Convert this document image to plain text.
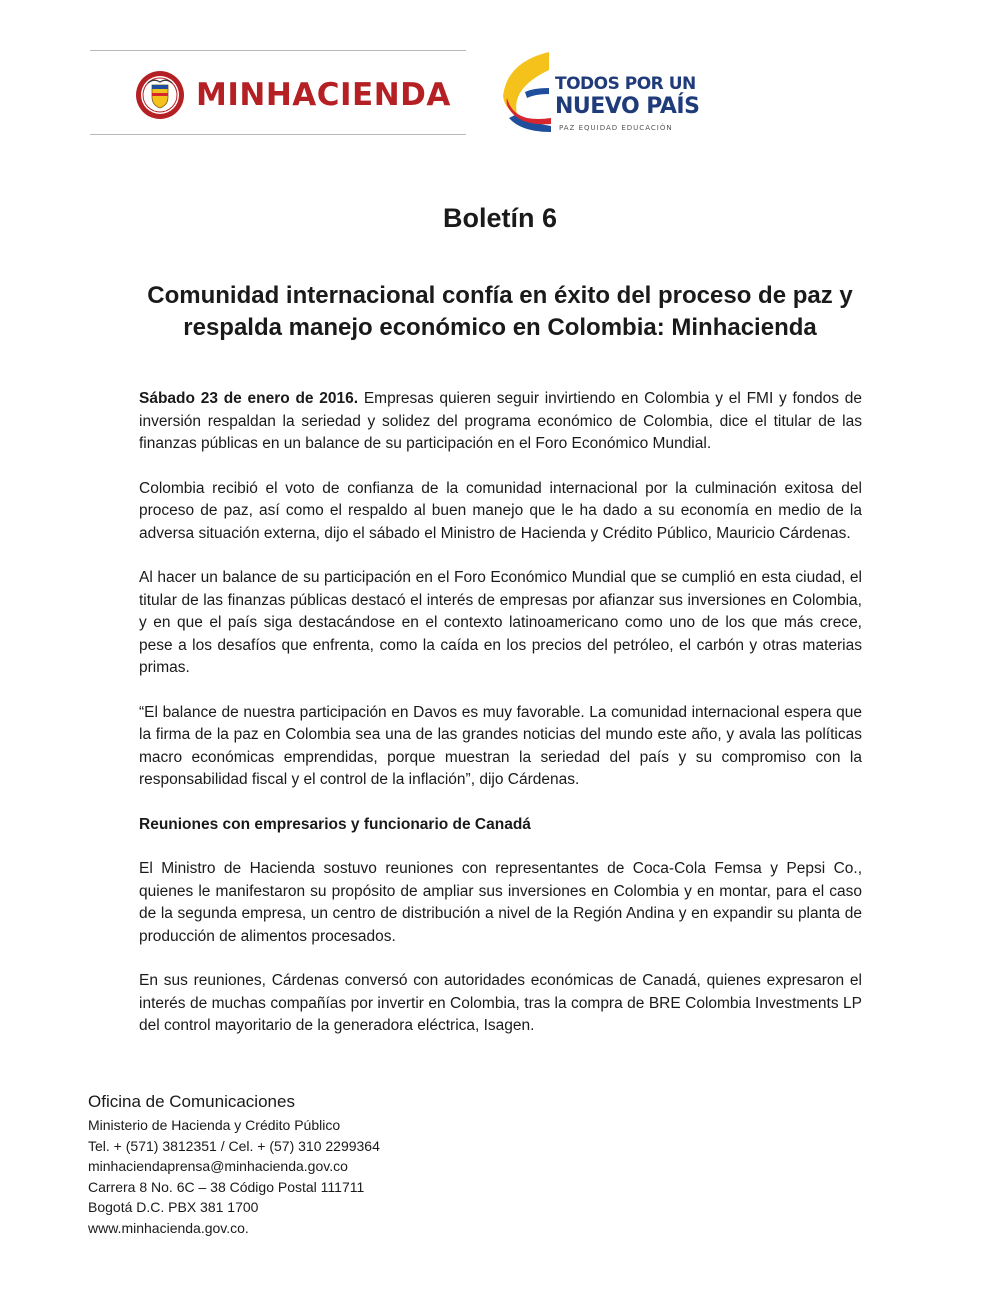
MINHACIENDA	TODOS POR UN
NUEVO PAÍS
PAZ EQUIDAD EDUCACIÓN
Boletín 6
Comunidad internacional confía en éxito del proceso de paz y respalda manejo económico en Colombia: Minhacienda

Sábado 23 de enero de 2016. Empresas quieren seguir invirtiendo en Colombia y el FMI y fondos de inversión respaldan la seriedad y solidez del programa económico de Colombia, dice el titular de las finanzas públicas en un balance de su participación en el Foro Económico Mundial.

Colombia recibió el voto de confianza de la comunidad internacional por la culminación exitosa del proceso de paz, así como el respaldo al buen manejo que le ha dado a su economía en medio de la adversa situación externa, dijo el sábado el Ministro de Hacienda y Crédito Público, Mauricio Cárdenas.

Al hacer un balance de su participación en el Foro Económico Mundial que se cumplió en esta ciudad, el titular de las finanzas públicas destacó el interés de empresas por afianzar sus inversiones en Colombia, y en que el país siga destacándose en el contexto latinoamericano como uno de los que más crece, pese a los desafíos que enfrenta, como la caída en los precios del petróleo, el carbón y otras materias primas.

“El balance de nuestra participación en Davos es muy favorable. La comunidad internacional espera que la firma de la paz en Colombia sea una de las grandes noticias del mundo este año, y avala las políticas macro económicas emprendidas, porque muestran la seriedad del país y su compromiso con la responsabilidad fiscal y el control de la inflación”, dijo Cárdenas.

Reuniones con empresarios y funcionario de Canadá

El Ministro de Hacienda sostuvo reuniones con representantes de Coca-Cola Femsa y Pepsi Co., quienes le manifestaron su propósito de ampliar sus inversiones en Colombia y en montar, para el caso de la segunda empresa, un centro de distribución a nivel de la Región Andina y en expandir su planta de producción de alimentos procesados.

En sus reuniones, Cárdenas conversó con autoridades económicas de Canadá, quienes expresaron el interés de muchas compañías por invertir en Colombia, tras la compra de BRE Colombia Investments LP del control mayoritario de la generadora eléctrica, Isagen.

Oficina de Comunicaciones
Ministerio de Hacienda y Crédito Público
Tel. + (571) 3812351 / Cel. + (57) 310 2299364
minhaciendaprensa@minhacienda.gov.co
Carrera 8 No. 6C – 38 Código Postal 111711
Bogotá D.C. PBX 381 1700
www.minhacienda.gov.co.
